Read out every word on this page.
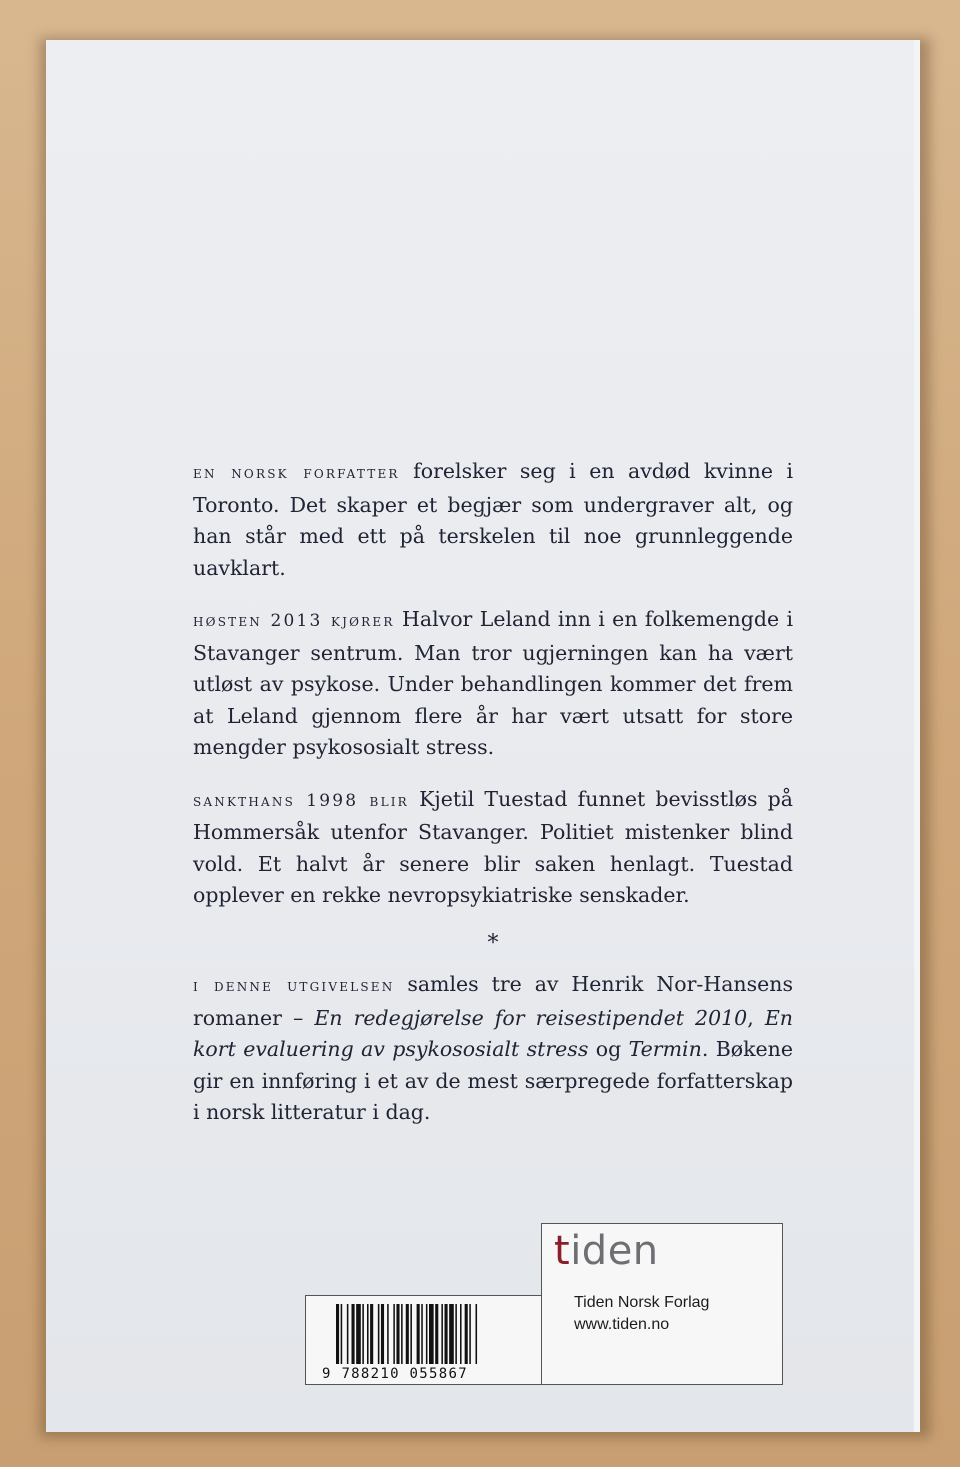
en norsk forfatter forelsker seg i en avdød kvinne i Toronto. Det skaper et begjær som undergraver alt, og han står med ett på terskelen til noe grunnleggende uavklart.

høsten 2013 kjører Halvor Leland inn i en folkemengde i Stavanger sentrum. Man tror ugjerningen kan ha vært utløst av psykose. Under behandlingen kommer det frem at Leland gjennom flere år har vært utsatt for store mengder psykososialt stress.

sankthans 1998 blir Kjetil Tuestad funnet bevisstløs på Hommersåk utenfor Stavanger. Politiet mistenker blind vold. Et halvt år senere blir saken henlagt. Tuestad opplever en rekke nevropsykiatriske senskader.

*

i denne utgivelsen samles tre av Henrik Nor-Hansens romaner – En redegjørelse for reisestipendet 2010, En kort evaluering av psykososialt stress og Termin. Bøkene gir en innføring i et av de mest særpregede forfatterskap i norsk litteratur i dag.

9 788210 055867
tiden
Tiden Norsk Forlag
www.tiden.no
